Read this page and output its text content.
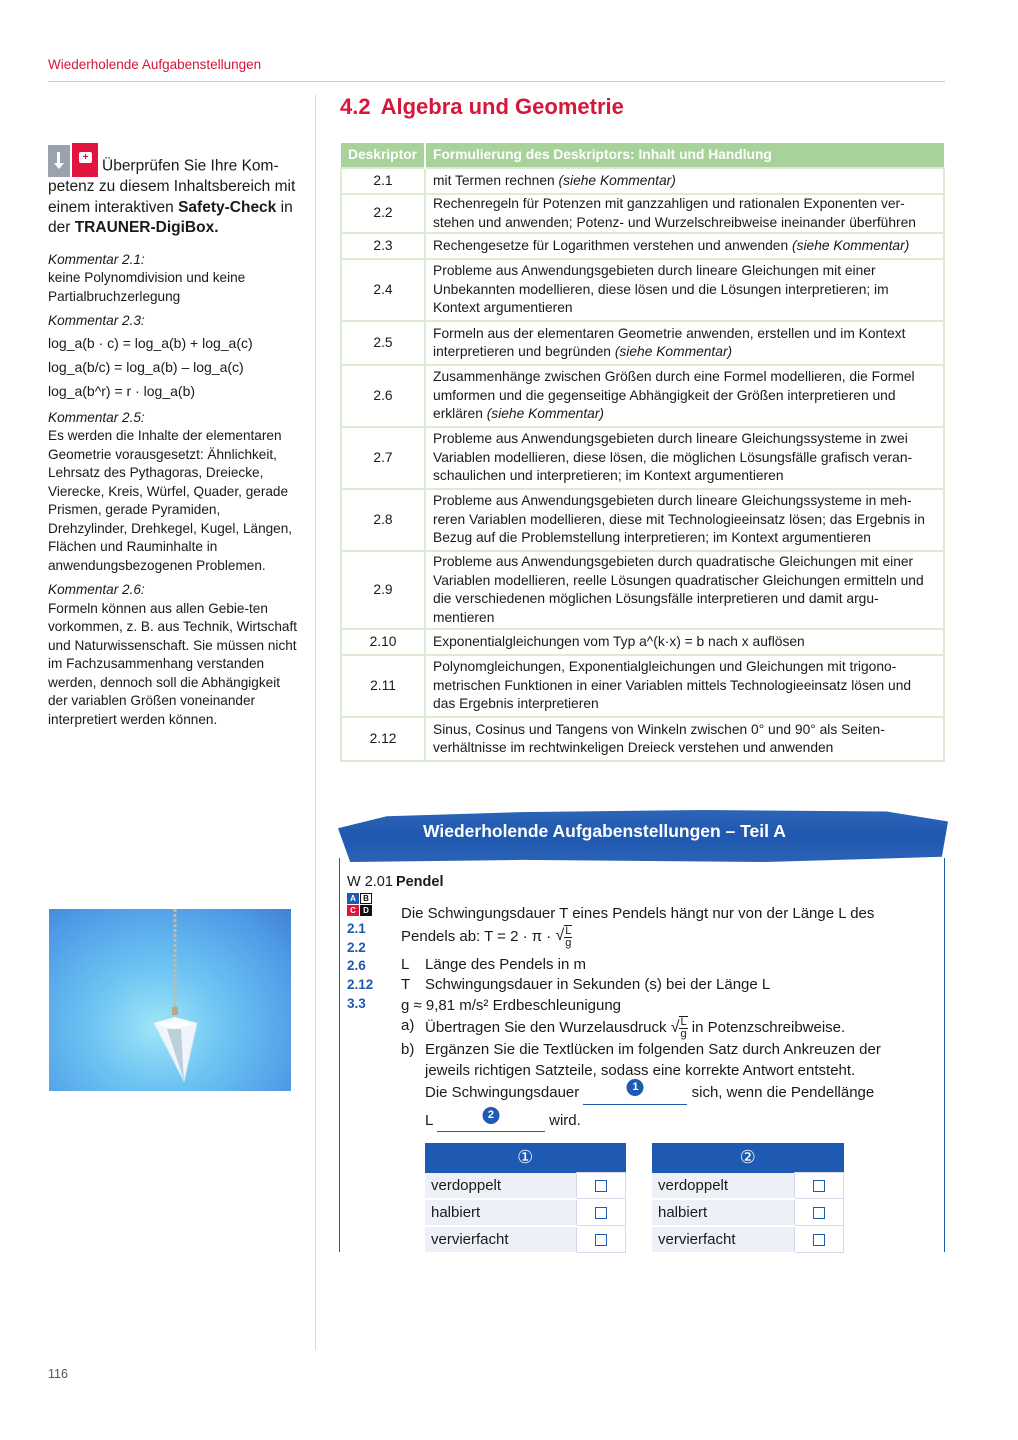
Wiederholende Aufgabenstellungen
+ Überprüfen Sie Ihre Kom-petenz zu diesem Inhaltsbereich mit einem interaktiven Safety-Check in der TRAUNER-DigiBox.
Kommentar 2.1:
keine Polynomdivision und keine Partialbruchzerlegung
Kommentar 2.3:
log_a(b · c) = log_a(b) + log_a(c)
log_a(b/c) = log_a(b) – log_a(c)
log_a(b^r) = r · log_a(b)
Kommentar 2.5:
Es werden die Inhalte der elementaren Geometrie vorausgesetzt: Ähnlichkeit, Lehrsatz des Pythagoras, Dreiecke, Vierecke, Kreis, Würfel, Quader, gerade Prismen, gerade Pyramiden, Drehzylinder, Drehkegel, Kugel, Längen, Flächen und Rauminhalte in anwendungsbezogenen Problemen.
Kommentar 2.6:
Formeln können aus allen Gebie-ten vorkommen, z. B. aus Technik, Wirtschaft und Naturwissenschaft. Sie müssen nicht im Fachzusammenhang verstanden werden, dennoch soll die Abhängigkeit der variablen Größen voneinander interpretiert werden können.
4.2 Algebra und Geometrie
Deskriptor	Formulierung des Deskriptors: Inhalt und Handlung
2.1	mit Termen rechnen (siehe Kommentar)
2.2	Rechenregeln für Potenzen mit ganzzahligen und rationalen Exponenten ver-stehen und anwenden; Potenz- und Wurzelschreibweise ineinander überführen
2.3	Rechengesetze für Logarithmen verstehen und anwenden (siehe Kommentar)
2.4	Probleme aus Anwendungsgebieten durch lineare Gleichungen mit einer Unbekannten modellieren, diese lösen und die Lösungen interpretieren; im Kontext argumentieren
2.5	Formeln aus der elementaren Geometrie anwenden, erstellen und im Kontext interpretieren und begründen (siehe Kommentar)
2.6	Zusammenhänge zwischen Größen durch eine Formel modellieren, die Formel umformen und die gegenseitige Abhängigkeit der Größen interpretieren und erklären (siehe Kommentar)
2.7	Probleme aus Anwendungsgebieten durch lineare Gleichungssysteme in zwei Variablen modellieren, diese lösen, die möglichen Lösungsfälle grafisch veran-schaulichen und interpretieren; im Kontext argumentieren
2.8	Probleme aus Anwendungsgebieten durch lineare Gleichungssysteme in meh-reren Variablen modellieren, diese mit Technologieeinsatz lösen; das Ergebnis in Bezug auf die Problemstellung interpretieren; im Kontext argumentieren
2.9	Probleme aus Anwendungsgebieten durch quadratische Gleichungen mit einer Variablen modellieren, reelle Lösungen quadratischer Gleichungen ermitteln und die verschiedenen möglichen Lösungsfälle interpretieren und damit argu-mentieren
2.10	Exponentialgleichungen vom Typ a^(k·x) = b nach x auflösen
2.11	Polynomgleichungen, Exponentialgleichungen und Gleichungen mit trigono-metrischen Funktionen in einer Variablen mittels Technologieeinsatz lösen und das Ergebnis interpretieren
2.12	Sinus, Cosinus und Tangens von Winkeln zwischen 0° und 90° als Seiten-verhältnisse im rechtwinkeligen Dreieck verstehen und anwenden
Wiederholende Aufgabenstellungen – Teil A
W 2.01 Pendel
A B
C D
2.1
2.2
2.6
2.12
3.3
Die Schwingungsdauer T eines Pendels hängt nur von der Länge L des
Pendels ab: T = 2 · π · √ $\frac{L}{g}$
L	Länge des Pendels in m
T Schwingungsdauer in Sekunden (s) bei der Länge L
g ≈ 9,81 m/s² Erdbeschleunigung
a) Übertragen Sie den Wurzelausdruck √ $\frac{L}{g}$ in Potenzschreibweise.
b) Ergänzen Sie die Textlücken im folgenden Satz durch Ankreuzen der jeweils richtigen Satzteile, sodass eine korrekte Antwort entsteht.
Die Schwingungsdauer	1	sich, wenn die Pendellänge
L	2	wird.
①	
verdoppelt	
halbiert	
vervierfacht	
②	
verdoppelt	
halbiert	
vervierfacht	
116
